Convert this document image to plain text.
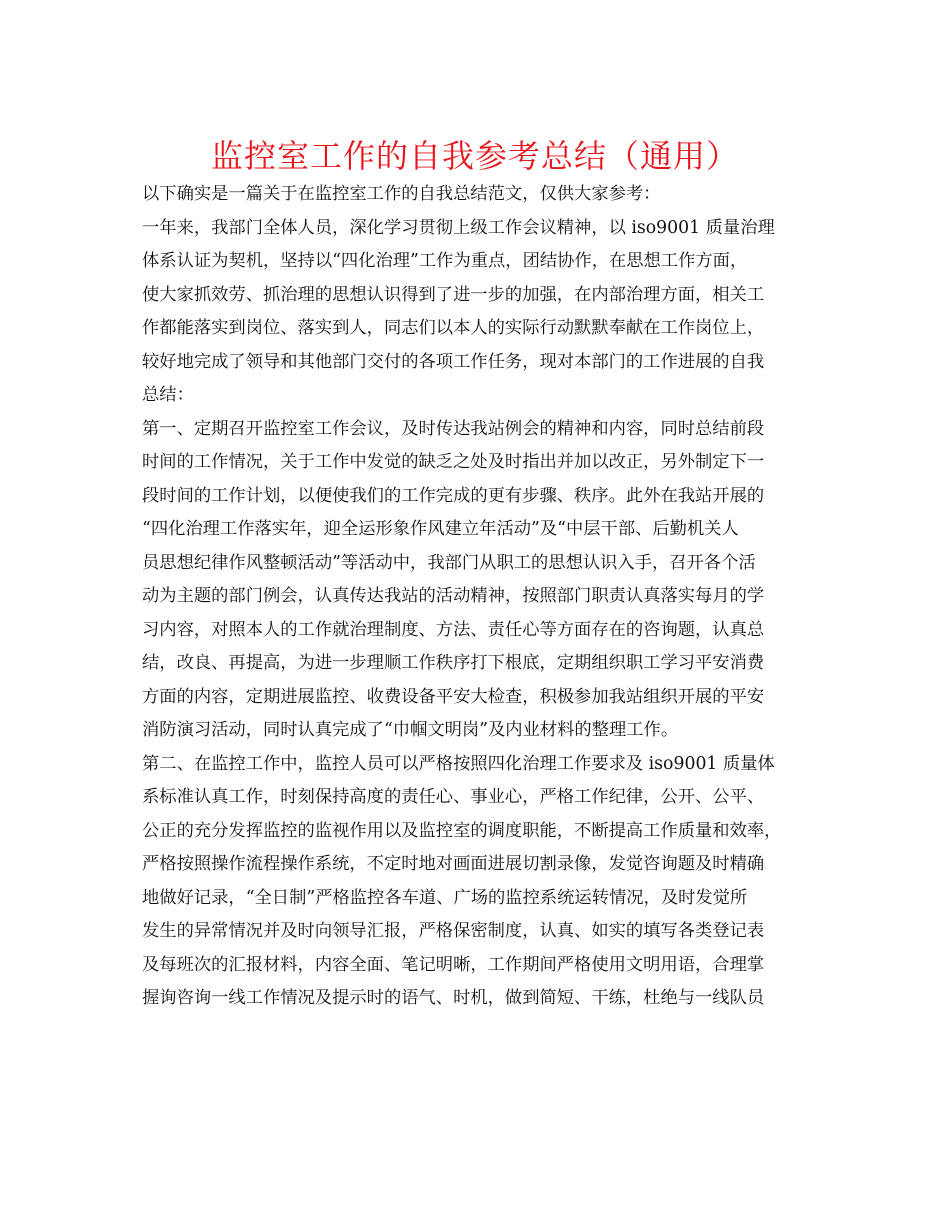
监控室工作的自我参考总结（通用）
以下确实是一篇关于在监控室工作的自我总结范文，仅供大家参考：
一年来，我部门全体人员，深化学习贯彻上级工作会议精神，以 iso9001 质量治理
体系认证为契机，坚持以“四化治理”工作为重点，团结协作，在思想工作方面，
使大家抓效劳、抓治理的思想认识得到了进一步的加强，在内部治理方面，相关工
作都能落实到岗位、落实到人，同志们以本人的实际行动默默奉献在工作岗位上，
较好地完成了领导和其他部门交付的各项工作任务，现对本部门的工作进展的自我
总结：
第一、定期召开监控室工作会议，及时传达我站例会的精神和内容，同时总结前段
时间的工作情况，关于工作中发觉的缺乏之处及时指出并加以改正，另外制定下一
段时间的工作计划，以便使我们的工作完成的更有步骤、秩序。此外在我站开展的
“四化治理工作落实年，迎全运形象作风建立年活动”及“中层干部、后勤机关人
员思想纪律作风整顿活动”等活动中，我部门从职工的思想认识入手，召开各个活
动为主题的部门例会，认真传达我站的活动精神，按照部门职责认真落实每月的学
习内容，对照本人的工作就治理制度、方法、责任心等方面存在的咨询题，认真总
结，改良、再提高，为进一步理顺工作秩序打下根底，定期组织职工学习平安消费
方面的内容，定期进展监控、收费设备平安大检查，积极参加我站组织开展的平安
消防演习活动，同时认真完成了“巾帼文明岗”及内业材料的整理工作。
第二、在监控工作中，监控人员可以严格按照四化治理工作要求及 iso9001 质量体
系标准认真工作，时刻保持高度的责任心、事业心，严格工作纪律，公开、公平、
公正的充分发挥监控的监视作用以及监控室的调度职能，不断提高工作质量和效率，
严格按照操作流程操作系统，不定时地对画面进展切割录像，发觉咨询题及时精确
地做好记录，“全日制”严格监控各车道、广场的监控系统运转情况，及时发觉所
发生的异常情况并及时向领导汇报，严格保密制度，认真、如实的填写各类登记表
及每班次的汇报材料，内容全面、笔记明晰，工作期间严格使用文明用语，合理掌
握询咨询一线工作情况及提示时的语气、时机，做到简短、干练，杜绝与一线队员
